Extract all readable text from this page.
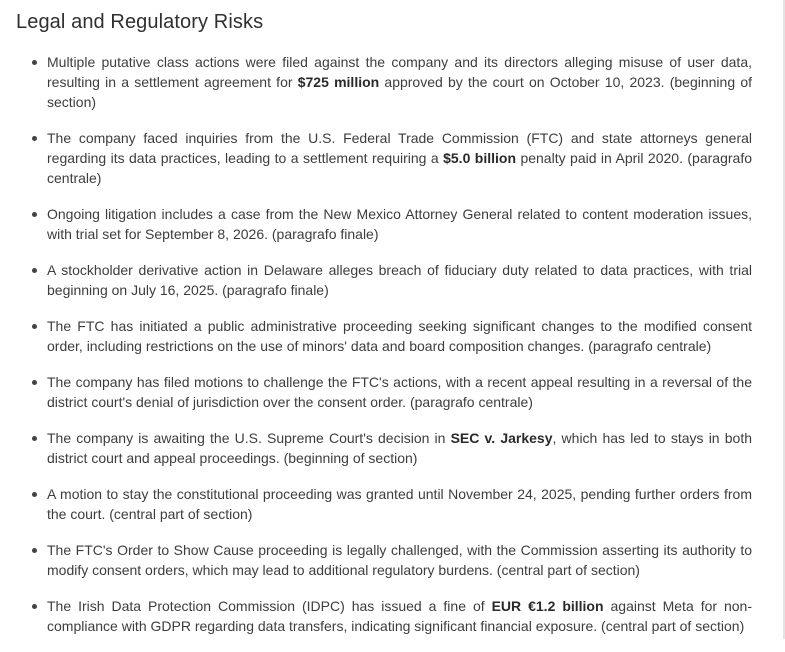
Legal and Regulatory Risks
Multiple putative class actions were filed against the company and its directors alleging misuse of user data, resulting in a settlement agreement for $725 million approved by the court on October 10, 2023. (beginning of section)
The company faced inquiries from the U.S. Federal Trade Commission (FTC) and state attorneys general regarding its data practices, leading to a settlement requiring a $5.0 billion penalty paid in April 2020. (paragrafo centrale)
Ongoing litigation includes a case from the New Mexico Attorney General related to content moderation issues, with trial set for September 8, 2026. (paragrafo finale)
A stockholder derivative action in Delaware alleges breach of fiduciary duty related to data practices, with trial beginning on July 16, 2025. (paragrafo finale)
The FTC has initiated a public administrative proceeding seeking significant changes to the modified consent order, including restrictions on the use of minors' data and board composition changes. (paragrafo centrale)
The company has filed motions to challenge the FTC's actions, with a recent appeal resulting in a reversal of the district court's denial of jurisdiction over the consent order. (paragrafo centrale)
The company is awaiting the U.S. Supreme Court's decision in SEC v. Jarkesy, which has led to stays in both district court and appeal proceedings. (beginning of section)
A motion to stay the constitutional proceeding was granted until November 24, 2025, pending further orders from the court. (central part of section)
The FTC's Order to Show Cause proceeding is legally challenged, with the Commission asserting its authority to modify consent orders, which may lead to additional regulatory burdens. (central part of section)
The Irish Data Protection Commission (IDPC) has issued a fine of EUR €1.2 billion against Meta for non-compliance with GDPR regarding data transfers, indicating significant financial exposure. (central part of section)
